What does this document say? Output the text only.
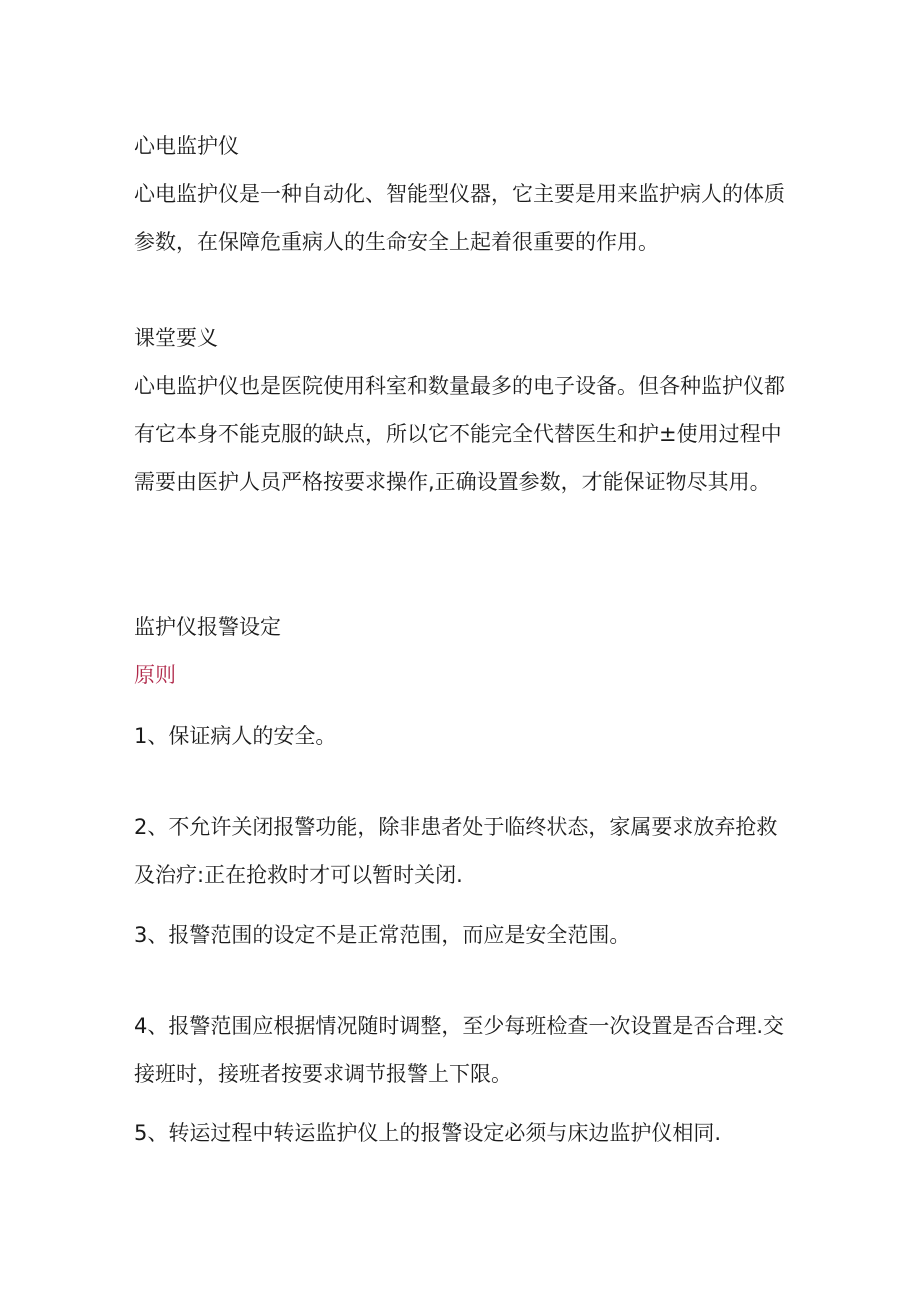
心电监护仪

心电监护仪是一种自动化、智能型仪器，它主要是用来监护病人的体质参数，在保障危重病人的生命安全上起着很重要的作用。

课堂要义

心电监护仪也是医院使用科室和数量最多的电子设备。但各种监护仪都有它本身不能克服的缺点，所以它不能完全代替医生和护±使用过程中需要由医护人员严格按要求操作,正确设置参数，才能保证物尽其用。

监护仪报警设定

原则

1、保证病人的安全。

2、不允许关闭报警功能，除非患者处于临终状态，家属要求放弃抢救及治疗:正在抢救时才可以暂时关闭.

3、报警范围的设定不是正常范围，而应是安全范围。

4、报警范围应根据情况随时调整，至少每班检查一次设置是否合理.交接班时，接班者按要求调节报警上下限。

5、转运过程中转运监护仪上的报警设定必须与床边监护仪相同.
